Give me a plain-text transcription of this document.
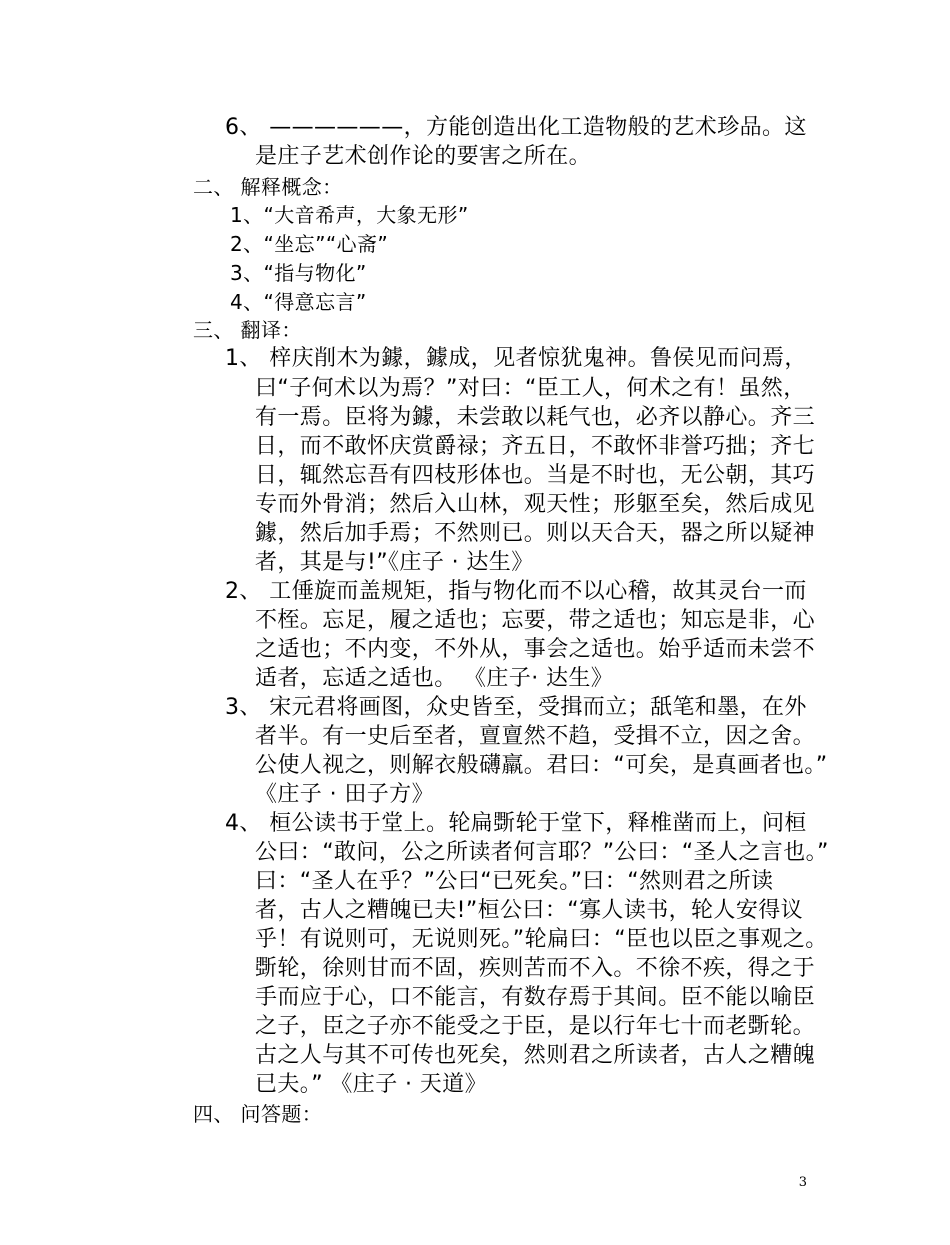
6、 ——————，方能创造出化工造物般的艺术珍品。这
是庄子艺术创作论的要害之所在。
二、 解释概念：
1、“大音希声，大象无形”
2、“坐忘”“心斋”
3、“指与物化”
4、“得意忘言”
三、 翻译：
1、 梓庆削木为鐻，鐻成，见者惊犹鬼神。鲁侯见而问焉，
曰“子何术以为焉？”对曰：“臣工人，何术之有！虽然，
有一焉。臣将为鐻，未尝敢以耗气也，必齐以静心。齐三
日，而不敢怀庆赏爵禄；齐五日，不敢怀非誉巧拙；齐七
日，辄然忘吾有四枝形体也。当是不时也，无公朝，其巧
专而外骨消；然后入山林，观天性；形躯至矣，然后成见
鐻，然后加手焉；不然则已。则以天合天，器之所以疑神
者，其是与!”《庄子 · 达生》
2、 工倕旋而盖规矩，指与物化而不以心稽，故其灵台一而
不桎。忘足，履之适也；忘要，带之适也；知忘是非，心
之适也；不内变，不外从，事会之适也。始乎适而未尝不
适者，忘适之适也。 《庄子· 达生》
3、 宋元君将画图，众史皆至，受揖而立；舐笔和墨，在外
者半。有一史后至者，亶亶然不趋，受揖不立，因之舍。
公使人视之，则解衣般礴羸。君曰：“可矣，是真画者也。”
《庄子 · 田子方》
4、 桓公读书于堂上。轮扁斲轮于堂下，释椎凿而上，问桓
公曰：“敢问，公之所读者何言耶？”公曰：“圣人之言也。”
曰：“圣人在乎？”公曰“已死矣。”曰：“然则君之所读
者，古人之糟魄已夫!”桓公曰：“寡人读书，轮人安得议
乎！有说则可，无说则死。”轮扁曰：“臣也以臣之事观之。
斲轮，徐则甘而不固，疾则苦而不入。不徐不疾，得之于
手而应于心，口不能言，有数存焉于其间。臣不能以喻臣
之子，臣之子亦不能受之于臣，是以行年七十而老斲轮。
古之人与其不可传也死矣，然则君之所读者，古人之糟魄
已夫。” 《庄子 · 天道》
四、 问答题：
3
